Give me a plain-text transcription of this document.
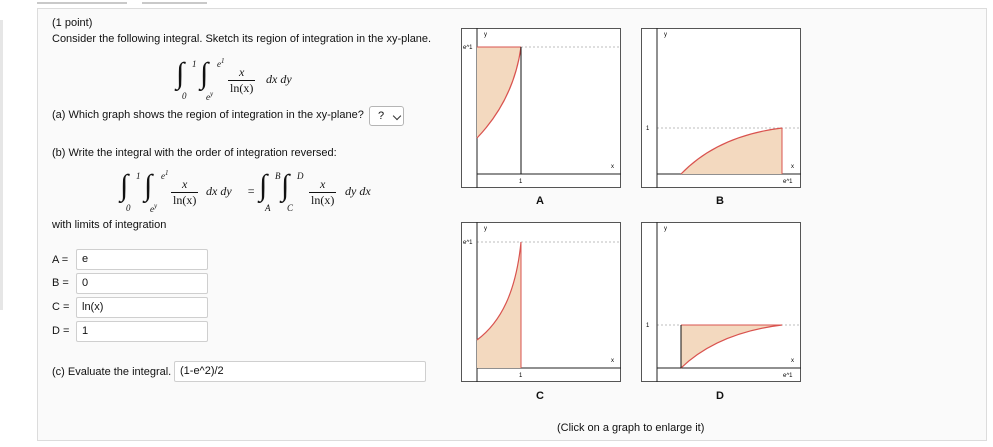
(1 point)
Consider the following integral. Sketch its region of integration in the xy-plane.
∫ 1
0
∫ $e^1$
$e^y \frac{x}{\ln(x)}$ dx dy
(a) Which graph shows the region of integration in the xy-plane? ?
(b) Write the integral with the order of integration reversed:
∫ 1
0
∫ $e^1$
$e^y \frac{x}{\ln(x)}$ dx dy = ∫ B
A
∫ D
C $\frac{x}{\ln(x)}$ dy dx
with limits of integration
A =	e
B =	0
C =	ln(x)
D =	1
(c) Evaluate the integral. (1-e^2)/2
y
e^1
x
1
A
y
1
x
e^1
B
y
e^1
x
1
C
y
1
x
e^1
D
(Click on a graph to enlarge it)
